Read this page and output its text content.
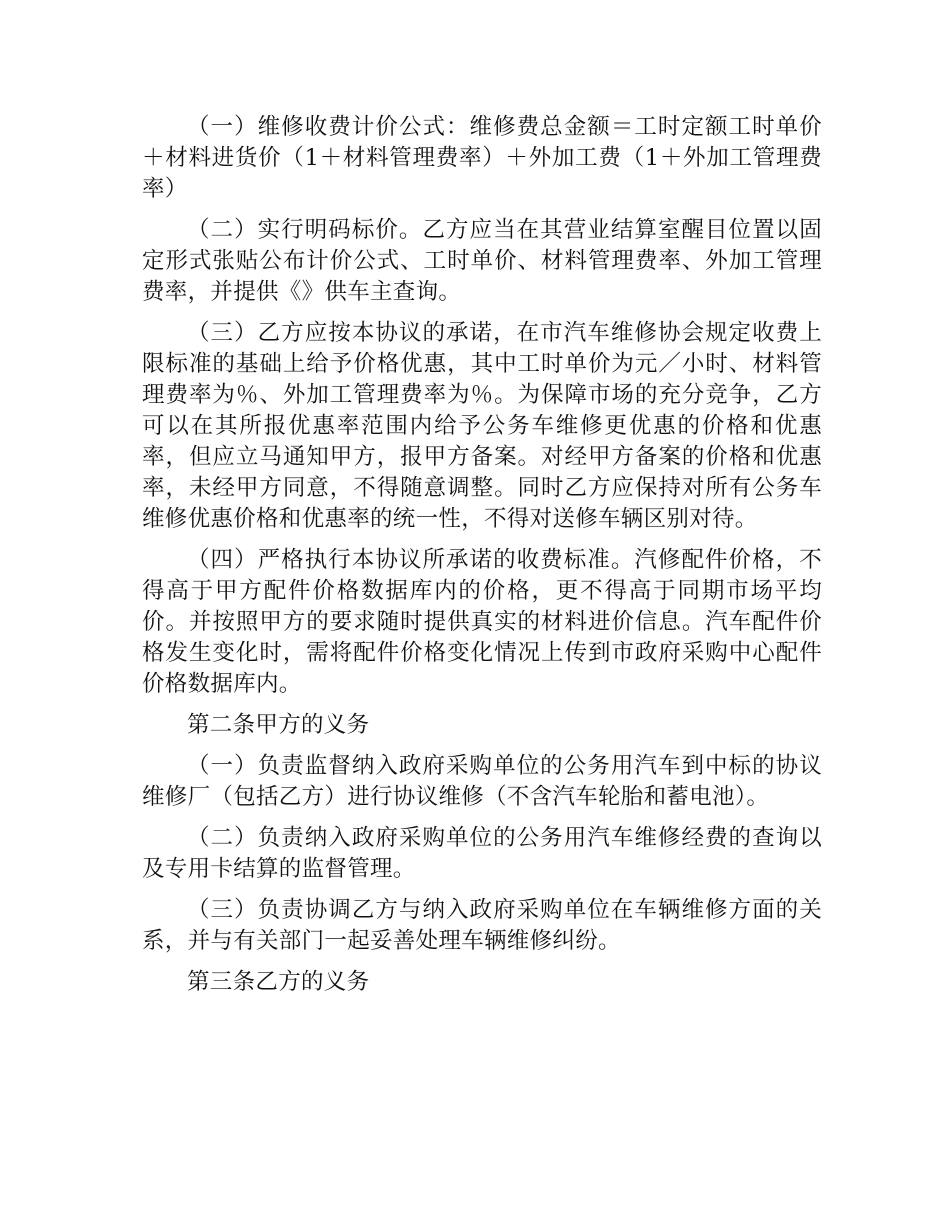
（一）维修收费计价公式：维修费总金额＝工时定额工时单价＋材料进货价（1＋材料管理费率）＋外加工费（1＋外加工管理费率）

（二）实行明码标价。乙方应当在其营业结算室醒目位置以固定形式张贴公布计价公式、工时单价、材料管理费率、外加工管理费率，并提供《》供车主查询。

（三）乙方应按本协议的承诺，在市汽车维修协会规定收费上限标准的基础上给予价格优惠，其中工时单价为元／小时、材料管理费率为％、外加工管理费率为％。为保障市场的充分竞争，乙方可以在其所报优惠率范围内给予公务车维修更优惠的价格和优惠率，但应立马通知甲方，报甲方备案。对经甲方备案的价格和优惠率，未经甲方同意，不得随意调整。同时乙方应保持对所有公务车维修优惠价格和优惠率的统一性，不得对送修车辆区别对待。

（四）严格执行本协议所承诺的收费标准。汽修配件价格，不得高于甲方配件价格数据库内的价格，更不得高于同期市场平均价。并按照甲方的要求随时提供真实的材料进价信息。汽车配件价格发生变化时，需将配件价格变化情况上传到市政府采购中心配件价格数据库内。

第二条甲方的义务

（一）负责监督纳入政府采购单位的公务用汽车到中标的协议维修厂（包括乙方）进行协议维修（不含汽车轮胎和蓄电池）。

（二）负责纳入政府采购单位的公务用汽车维修经费的查询以及专用卡结算的监督管理。

（三）负责协调乙方与纳入政府采购单位在车辆维修方面的关系，并与有关部门一起妥善处理车辆维修纠纷。

第三条乙方的义务
